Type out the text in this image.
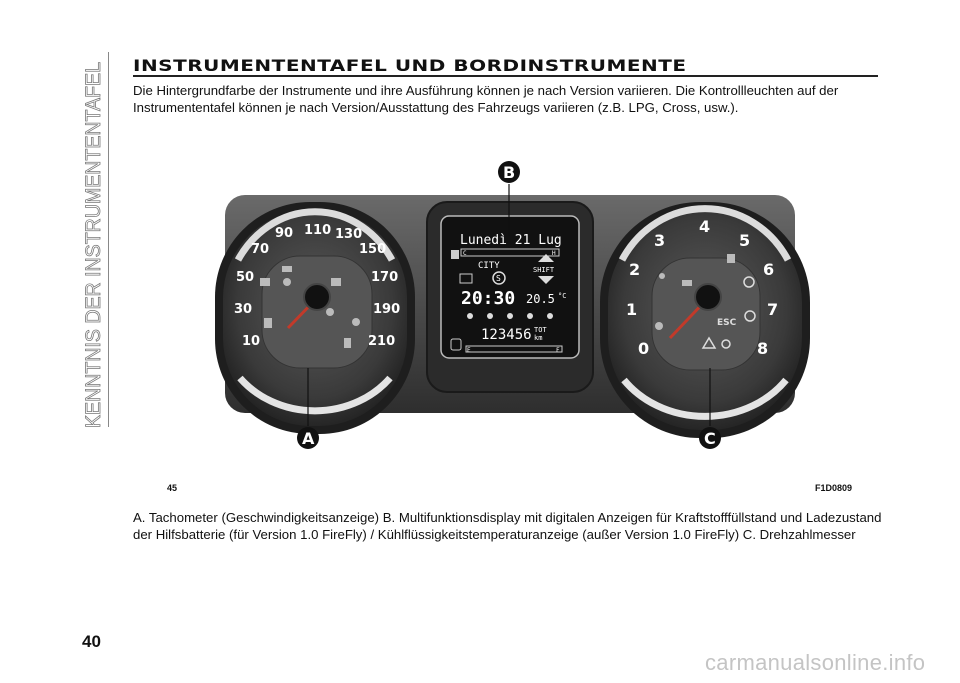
KENNTNIS DER INSTRUMENTENTAFEL INSTRUMENTENTAFEL UND BORDINSTRUMENTE
Die Hintergrundfarbe der Instrumente und ihre Ausführung können je nach Version variieren. Die Kontrollleuchten auf der Instrumententafel können je nach Version/Ausstattung des Fahrzeugs variieren (z.B. LPG, Cross, usw.).
10
30
50
70
90 110 130
150
170
190
210	0
1
2
3
4
5
6
7
8
ESC
Lunedì 21 Lug
C	H
CITY	SHIFT
S
20:30 20.5 °C
123456 TOT
km
E	F
B
A	C
45	F1D0809
A. Tachometer (Geschwindigkeitsanzeige) B. Multifunktionsdisplay mit digitalen Anzeigen für Kraftstofffüllstand und Ladezustand der Hilfsbatterie (für Version 1.0 FireFly) / Kühlflüssigkeitstemperaturanzeige (außer Version 1.0 FireFly) C. Drehzahlmesser
40
carmanualsonline.info
